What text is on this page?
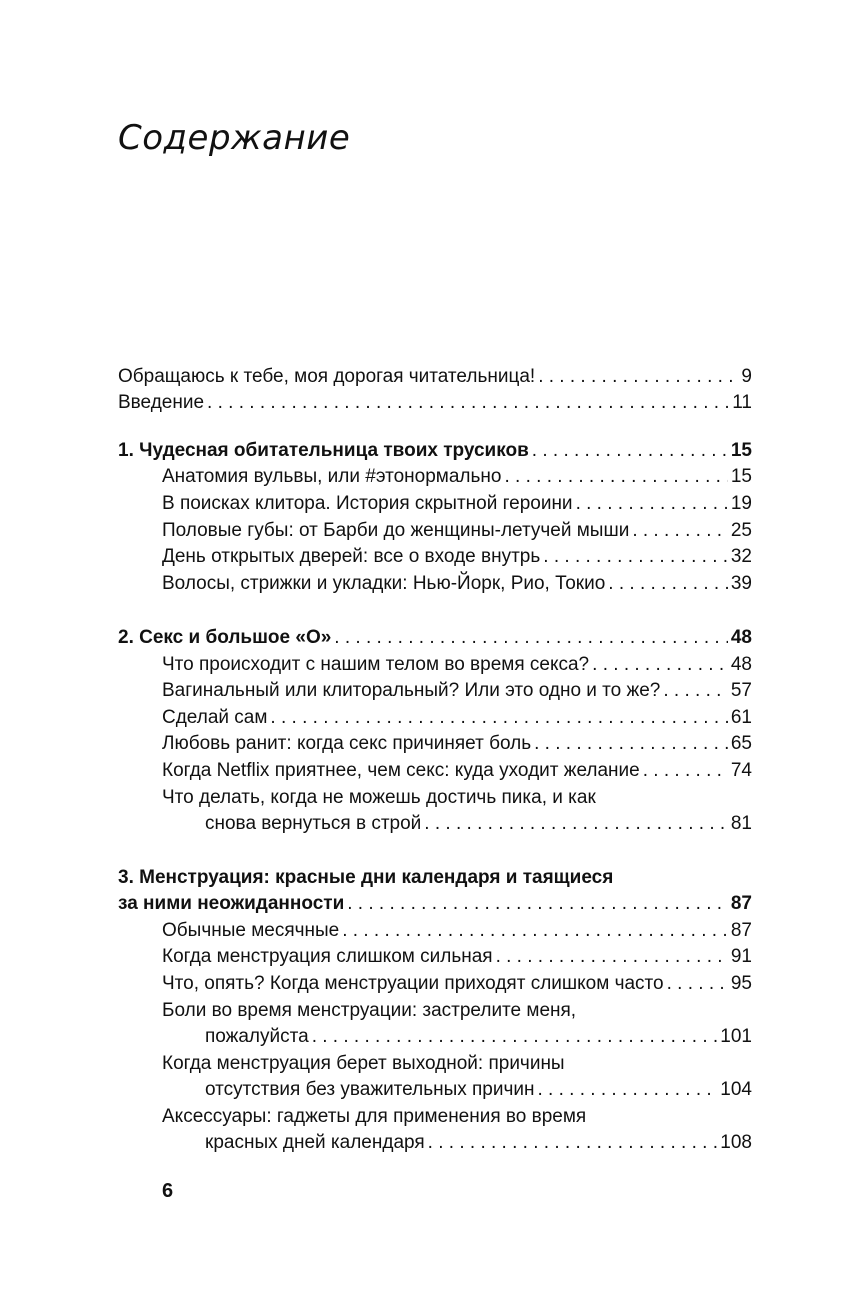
Содержание
Обращаюсь к тебе, моя дорогая читательница! . . .	9
Введение . . .	11
1. Чудесная обитательница твоих трусиков . . .	15
Анатомия вульвы, или #этонормально . . .	15
В поисках клитора. История скрытной героини . . .	19
Половые губы: от Барби до женщины-летучей мыши . . .	25
День открытых дверей: все о входе внутрь . . .	32
Волосы, стрижки и укладки: Нью-Йорк, Рио, Токио . . .	39
2. Секс и большое «О» . . .	48
Что происходит с нашим телом во время секса? . . .	48
Вагинальный или клиторальный? Или это одно и то же? . . .	57
Сделай сам . . .	61
Любовь ранит: когда секс причиняет боль . . .	65
Когда Netflix приятнее, чем секс: куда уходит желание . . .	74
Что делать, когда не можешь достичь пика, и как
снова вернуться в строй . . .	81
3. Менструация: красные дни календаря и таящиеся
за ними неожиданности . . .	87
Обычные месячные . . .	87
Когда менструация слишком сильная . . .	91
Что, опять? Когда менструации приходят слишком часто . . .	95
Боли во время менструации: застрелите меня,
пожалуйста . . .	101
Когда менструация берет выходной: причины
отсутствия без уважительных причин . . .	104
Аксессуары: гаджеты для применения во время
красных дней календаря . . .	108
6
